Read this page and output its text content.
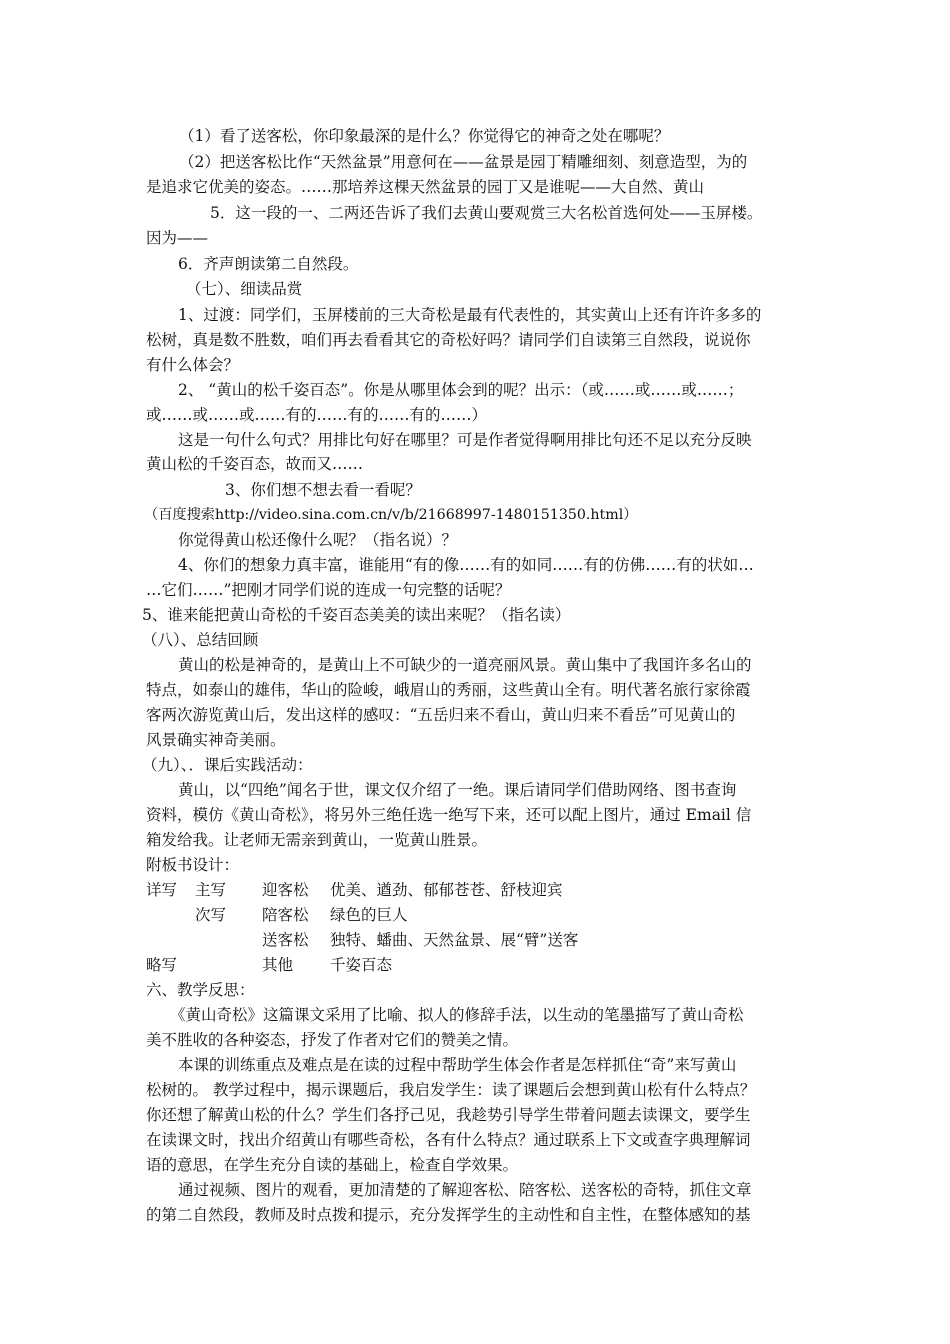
（1）看了送客松，你印象最深的是什么？你觉得它的神奇之处在哪呢？
（2）把送客松比作“天然盆景”用意何在——盆景是园丁精雕细刻、刻意造型，为的
是追求它优美的姿态。……那培养这棵天然盆景的园丁又是谁呢——大自然、黄山
5．这一段的一、二两还告诉了我们去黄山要观赏三大名松首选何处——玉屏楼。
因为——
6．齐声朗读第二自然段。
（七）、细读品赏
1、过渡：同学们，玉屏楼前的三大奇松是最有代表性的，其实黄山上还有许许多多的
松树，真是数不胜数，咱们再去看看其它的奇松好吗？请同学们自读第三自然段，说说你
有什么体会？
2、 “黄山的松千姿百态”。你是从哪里体会到的呢？出示：（或……或……或……；
或……或……或……有的……有的……有的……）
这是一句什么句式？用排比句好在哪里？可是作者觉得啊用排比句还不足以充分反映
黄山松的千姿百态，故而又……
3、你们想不想去看一看呢？
（百度搜索http://video.sina.com.cn/v/b/21668997-1480151350.html）
你觉得黄山松还像什么呢？（指名说）？
4、你们的想象力真丰富，谁能用“有的像……有的如同……有的仿佛……有的状如…
…它们……”把刚才同学们说的连成一句完整的话呢？
5、谁来能把黄山奇松的千姿百态美美的读出来呢？（指名读）
（八）、总结回顾
黄山的松是神奇的，是黄山上不可缺少的一道亮丽风景。黄山集中了我国许多名山的
特点，如泰山的雄伟，华山的险峻，峨眉山的秀丽，这些黄山全有。明代著名旅行家徐霞
客两次游览黄山后，发出这样的感叹：“五岳归来不看山，黄山归来不看岳”可见黄山的
风景确实神奇美丽。
（九）、．课后实践活动：
黄山，以“四绝”闻名于世，课文仅介绍了一绝。课后请同学们借助网络、图书查询
资料，模仿《黄山奇松》，将另外三绝任选一绝写下来，还可以配上图片，通过 Email 信
箱发给我。让老师无需亲到黄山，一览黄山胜景。
附板书设计：
详写 主写 迎客松 优美、遒劲、郁郁苍苍、舒枝迎宾
次写 陪客松 绿色的巨人
送客松 独特、蟠曲、天然盆景、展“臂”送客
略写	其他 千姿百态
六、教学反思：
《黄山奇松》这篇课文采用了比喻、拟人的修辞手法，以生动的笔墨描写了黄山奇松
美不胜收的各种姿态，抒发了作者对它们的赞美之情。
本课的训练重点及难点是在读的过程中帮助学生体会作者是怎样抓住“奇”来写黄山
松树的。 教学过程中，揭示课题后，我启发学生：读了课题后会想到黄山松有什么特点？
你还想了解黄山松的什么？学生们各抒己见，我趁势引导学生带着问题去读课文，要学生
在读课文时，找出介绍黄山有哪些奇松，各有什么特点？通过联系上下文或查字典理解词
语的意思，在学生充分自读的基础上，检查自学效果。
通过视频、图片的观看，更加清楚的了解迎客松、陪客松、送客松的奇特，抓住文章
的第二自然段，教师及时点拨和提示，充分发挥学生的主动性和自主性，在整体感知的基
